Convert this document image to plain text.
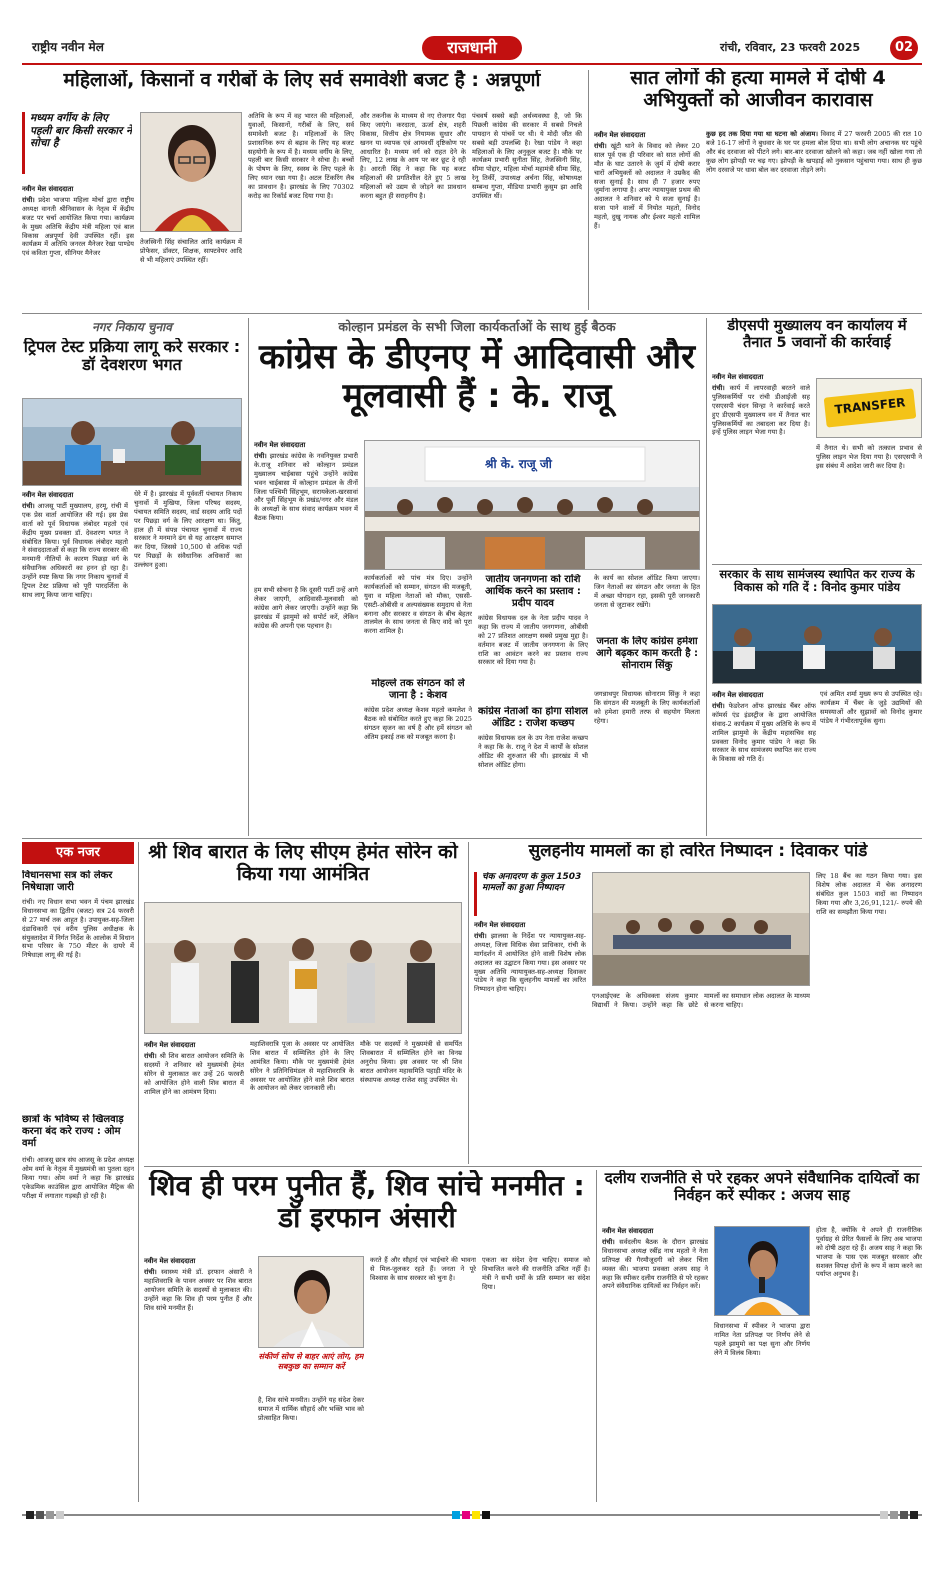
राष्ट्रीय नवीन मेल	राजधानी	रांची, रविवार, 23 फरवरी 2025	02
महिलाओं, किसानों व गरीबों के लिए सर्व समावेशी बजट है : अन्नपूर्णा
मध्यम वर्गीय के लिए पहली बार किसी सरकार ने सोचा है
नवीन मेल संवाददाता
रांची। प्रदेश भाजपा महिला मोर्चा द्वारा राष्ट्रीय अध्यक्ष वानती श्रीनिवासन के नेतृत्व में केंद्रीय बजट पर चर्चा आयोजित किया गया। कार्यक्रम के मुख्य अतिथि केंद्रीय मंत्री महिला एवं बाल विकास अन्नपूर्णा देवी उपस्थित रहीं। इस कार्यक्रम में अतिथि जनरल मैनेजर रेखा पाण्डेय एवं कविता गुप्ता, सीनियर मैनेजर
तेजस्विनी सिंह संचालित आदि कार्यक्रम में प्रोफेसर, डॉक्टर, शिक्षक, साफ्टवेयर आदि से भी महिलाएं उपस्थित रहीं।
अतिथि के रूप में वह भारत की महिलाओं, युवाओं, किसानों, गरीबों के लिए, सर्व समावेशी बजट है। महिलाओं के लिए प्रशासनिक रूप से बढ़ाव के लिए यह बजट सहयोगी के रूप में है। मध्यम वर्गीय के लिए, पहली बार किसी सरकार ने सोचा है। बच्चों के पोषण के लिए, स्वस्थ के लिए पहले के लिए ध्यान रखा गया है। अटल टिंकरिंग लैब का प्रावधान है। झारखंड के लिए 70302 करोड़ का रिकॉर्ड बजट दिया गया है।
और तकनीक के माध्यम से नए रोजगार पैदा किए जाएंगे। करदाता, ऊर्जा क्षेत्र, शहरी विकास, वित्तीय क्षेत्र नियामक सुधार और खनन या व्यापक एवं आयवर्धी दृष्टिकोण पर आधारित है। मध्यम वर्ग को राहत देने के लिए, 12 लाख के आय पर कर छूट दे रही है। आरती सिंह ने कहा कि यह बजट महिलाओं की प्रगतिशील देते हुए 5 लाख महिलाओं को उद्यम से जोड़ने का प्रावधान करना बहुत ही सराहनीय है।
पंचवर्ष सबसे बड़ी अर्थव्यवस्था है, जो कि पिछली कांग्रेस की सरकार में सबसे निचले पायदान से पांचवें पर थी। ये मोदी जीत की सबसे बड़ी उपलब्धि है। रेखा पांडेय ने कहा महिलाओं के लिए अनुकूल बजट है। मौके पर कार्यक्रम प्रभारी सुनीता सिंह, तेजस्विनी सिंह, सीमा पोद्दार, महिला मोर्चा महामंत्री सीमा सिंह, रेनू तिर्की, उपाध्यक्ष अर्चना सिंह, कोषाध्यक्ष सम्बन्ध गुप्ता, मीडिया प्रभारी कुसुम झा आदि उपस्थित थीं।
सात लोगों की हत्या मामले में दोषी 4 अभियुक्तों को आजीवन कारावास
नवीन मेल संवाददाता
रांची। खूंटी थाने के विवाद को लेकर 20 साल पूर्व एक ही परिवार को सात लोगों की मौत के घाट उतारने के जुर्म में दोषी करार चारों अभियुक्तों को अदालत ने उम्रकैद की सजा सुनाई है। साथ ही 7 हजार रुपए जुर्माना लगाया है। अपर न्यायायुक्त प्रथम की अदालत ने शनिवार को ये सजा सुनाई है। सजा पाने वालों में नियोत महतो, विनोद महतो, दुखु नायक और ईश्वर महतो शामिल हैं।
कुछ हद तक दिया गया था घटना को अंजाम। विवाद में 27 फरवरी 2005 की रात 10 बजे 16-17 लोगों ने बुधवार के घर पर हमला बोल दिया था। सभी लोग अचानक घर पहुंचे और बंद दरवाजा को पीटने लगे। बार-बार दरवाजा खोलने को कहा। जब नहीं खोला गया तो कुछ लोग झोपड़ी पर चढ़ गए। झोपड़ी के खपड़ाई को नुकसान पहुंचाया गया। साथ ही कुछ लोग दरवाजे पर धावा बोल कर दरवाजा तोड़ने लगे।
नगर निकाय चुनाव
ट्रिपल टेस्ट प्रक्रिया लागू करे सरकार : डॉ देवशरण भगत
नवीन मेल संवाददाता
रांची। आजसू पार्टी मुख्यालय, हरमू, रांची में एक प्रेस वार्ता आयोजित की गई। इस प्रेस वार्ता को पूर्व विधायक लंबोदर महतो एवं केंद्रीय मुख्य प्रवक्ता डॉ. देवशरण भगत ने संबोधित किया। पूर्व विधायक लंबोदर महतो ने संवाददाताओं से कहा कि राज्य सरकार की मनमानी नीतियों के कारण पिछड़ा वर्ग के संवैधानिक अधिकारों का हनन हो रहा है। उन्होंने स्पष्ट किया कि नगर निकाय चुनावों में ट्रिपल टेस्ट प्रक्रिया को पूरी पारदर्शिता के साथ लागू किया जाना चाहिए।
धेरे में है। झारखंड में पूर्ववर्ती पंचायत निकाय चुनावों में मुखिया, जिला परिषद सदस्य, पंचायत समिति सदस्य, वार्ड सदस्य आदि पदों पर पिछड़ा वर्ग के लिए आरक्षण था। किंतु, हाल ही में संपन्न पंचायत चुनावों में राज्य सरकार ने मनमाने ढंग से यह आरक्षण समाप्त कर दिया, जिससे 10,500 से अधिक पदों पर पिछड़ों के संवैधानिक अधिकारों का उल्लंघन हुआ।
कोल्हान प्रमंडल के सभी जिला कार्यकर्ताओं के साथ हुई बैठक
कांग्रेस के डीएनए में आदिवासी और मूलवासी हैं : के. राजू
नवीन मेल संवाददाता
रांची। झारखंड कांग्रेस के नवनियुक्त प्रभारी के.राजू शनिवार को कोल्हान प्रमंडल मुख्यालय चाईबासा पहुंचे उन्होंने कांग्रेस भवन चाईबासा में कोल्हान प्रमंडल के तीनों जिला पश्चिमी सिंहभूम, सरायकेला-खरसावां और पूर्वी सिंहभूम के प्रखंड/नगर और मंडल के अध्यक्षों के साथ संवाद कार्यक्रम भवन में बैठक किया।
श्री के. राजू जी
हम सभी सोचना है कि दूसरी पार्टी उन्हें आगे लेकर जाएगी, आदिवासी-मूलवासी को कांग्रेस आगे लेकर जाएगी। उन्होंने कहा कि झारखंड में झामुमो को सपोर्ट करें, लेकिन कांग्रेस की अपनी एक पहचान है।
कार्यकर्ताओं को पांच मंत्र दिए। उन्होंने कार्यकर्ताओं को सम्मान, संगठन की मजबूती, युवा व महिला नेताओं को मौका, एससी-एसटी-ओबीसी व अल्पसंख्यक समुदाय से नेता बनाना और सरकार व संगठन के बीच बेहतर तालमेल के साथ जनता से किए वादे को पूरा करना शामिल है।
मोहल्ले तक संगठन को ले जाना है : केशव
कांग्रेस प्रदेश अध्यक्ष केशव महतो कमलेश ने बैठक को संबोधित करते हुए कहा कि 2025 संगठन सृजन का वर्ष है और हमें संगठन को अंतिम इकाई तक को मजबूत करना है।
जातीय जनगणना को राशि आर्थिक करने का प्रस्ताव : प्रदीप यादव
कांग्रेस विधायक दल के नेता प्रदीप यादव ने कहा कि राज्य में जातीय जनगणना, ओबीसी को 27 प्रतिशत आरक्षण सबसे प्रमुख मुद्दा है। वर्तमान बजट में जातीय जनगणना के लिए राशि का आवंटन करने का प्रस्ताव राज्य सरकार को दिया गया है।
कांग्रेस नेताओं का होगा सोशल ऑडिट : राजेश कच्छप
कांग्रेस विधायक दल के उप नेता राजेश कच्छप ने कहा कि के. राजू ने देश में कार्यों के सोशल ऑडिट की शुरुआत की थी। झारखंड में भी सोशल ऑडिट होगा।
के कार्य का सोशल ऑडिट किया जाएगा। जिन नेताओं का संगठन और जनता के हित में अच्छा योगदान रहा, इसकी पूरी जानकारी जनता से जुटाकर रखेंगे।
जनता के लिए कांग्रेस हमेशा आगे बढ़कर काम करती है : सोनाराम सिंकु
जगन्नाथपुर विधायक सोनाराम सिंकु ने कहा कि संगठन की मजबूती के लिए कार्यकर्ताओं को हमेशा हमारी तरफ से सहयोग मिलता रहेगा।
डीएसपी मुख्यालय वन कार्यालय में तैनात 5 जवानों की कार्रवाई
नवीन मेल संवाददाता
रांची। कार्य में लापरवाही बरतने वाले पुलिसकर्मियों पर रांची डीआईजी सह एसएसपी चंदन सिन्हा ने कार्रवाई करते हुए डीएसपी मुख्यालय वन में तैनात चार पुलिसकर्मियों का तबादला कर दिया है। इन्हें पुलिस लाइन भेजा गया है।
TRANSFER
में तैनात थे। सभी को तत्काल प्रभाव से पुलिस लाइन भेज दिया गया है। एसएसपी ने इस संबंध में आदेश जारी कर दिया है।
सरकार के साथ सामंजस्य स्थापित कर राज्य के विकास को गति दें : विनोद कुमार पांडेय
नवीन मेल संवाददाता
रांची। फेडरेशन ऑफ झारखंड चैंबर ऑफ कॉमर्स एंड इंडस्ट्रीज के द्वारा आयोजित संवाद-2 कार्यक्रम में मुख्य अतिथि के रूप में शामिल झामुमो के केंद्रीय महासचिव सह प्रवक्ता विनोद कुमार पांडेय ने कहा कि सरकार के साथ सामंजस्य स्थापित कर राज्य के विकास को गति दें।
एवं अमित शर्मा मुख्य रूप से उपस्थित रहे। कार्यक्रम में चैंबर के जुड़े उद्यमियों की समस्याओं और सुझावों को विनोद कुमार पांडेय ने गंभीरतापूर्वक सुना।
एक नजर
विधानसभा सत्र को लेकर निषेधाज्ञा जारी
रांची। नए विधान सभा भवन में पंचम झारखंड विधानसभा का द्वितीय (बजट) सत्र 24 फरवरी से 27 मार्च तक आहूत है। उपायुक्त-सह-जिला दंडाधिकारी एवं वरीय पुलिस अधीक्षक के संयुक्तादेश में निर्गत निर्देश के आलोक में विधान सभा परिसर के 750 मीटर के दायरे में निषेधाज्ञा लागू की गई है।
छात्रों के भविष्य से खिलवाड़ करना बंद करे राज्य : ओम वर्मा
रांची। आजसू छात्र संघ आजसू के प्रदेश अध्यक्ष ओम वर्मा के नेतृत्व में मुख्यमंत्री का पुतला दहन किया गया। ओम वर्मा ने कहा कि झारखंड एकेडमिक काउंसिल द्वारा आयोजित मैट्रिक की परीक्षा में लगातार गड़बड़ी हो रही है।
श्री शिव बारात के लिए सीएम हेमंत सोरेन को किया गया आमंत्रित
नवीन मेल संवाददाता
रांची। श्री शिव बारात आयोजन समिति के सदस्यों ने शनिवार को मुख्यमंत्री हेमंत सोरेन से मुलाकात कर उन्हें 26 फरवरी को आयोजित होने वाली शिव बारात में शामिल होने का आमंत्रण दिया।
महाशिवरात्रि पूजा के अवसर पर आयोजित शिव बारात में सम्मिलित होने के लिए आमंत्रित किया। मौके पर मुख्यमंत्री हेमंत सोरेन ने प्रतिनिधिमंडल से महाशिवरात्रि के अवसर पर आयोजित होने वाले शिव बारात के आयोजन को लेकर जानकारी ली।
मौके पर सदस्यों ने मुख्यमंत्री से समर्पित शिवबारात में सम्मिलित होने का विनम्र अनुरोध किया। इस अवसर पर श्री शिव बारात आयोजन महासमिति पहाड़ी मंदिर के संस्थापक अध्यक्ष राजेश साहू उपस्थित थे।
सुलहनीय मामलों का हो त्वरित निष्पादन : दिवाकर पांडे
चेक अनादरण के कुल 1503 मामलों का हुआ निष्पादन
नवीन मेल संवाददाता
रांची। झालसा के निर्देश पर न्यायायुक्त-सह-अध्यक्ष, जिला विधिक सेवा प्राधिकार, रांची के मार्गदर्शन में आयोजित होने वाली विशेष लोक अदालत का उद्घाटन किया गया। इस अवसर पर मुख्य अतिथि न्यायायुक्त-सह-अध्यक्ष दिवाकर पांडेय ने कहा कि सुलहनीय मामलों का त्वरित निष्पादन होना चाहिए।
एनआईएक्ट के अधिवक्ता संजय कुमार विद्यार्थी ने किया। उन्होंने कहा कि छोटे मामलों का समाधान लोक अदालत के माध्यम से करना चाहिए।
लिए 18 बैंच का गठन किया गया। इस विशेष लोक अदालत में चेक अनादरण संबंधित कुल 1503 वादों का निष्पादन किया गया और 3,26,91,121/- रुपये की राशि का समझौता किया गया।
शिव ही परम पुनीत हैं, शिव सांचे मनमीत : डॉ इरफान अंसारी
नवीन मेल संवाददाता
रांची। स्वास्थ्य मंत्री डॉ. इरफान अंसारी ने महाशिवरात्रि के पावन अवसर पर शिव बारात आयोजन समिति के सदस्यों से मुलाकात की। उन्होंने कहा कि शिव ही परम पुनीत हैं और शिव सांचे मनमीत हैं।
संकीर्ण सोच से बाहर आएं लोग, हम सबकुछ का सम्मान करें
है, शिव सांचे मनमीत। उन्होंने यह संदेश देकर समाज में धार्मिक सौहार्द और भक्ति भाव को प्रोत्साहित किया।
करते हैं और सौहार्द एवं भाईचारे की भावना से मिल-जुलकर रहते हैं। जनता ने पूरे विश्वास के साथ सरकार को चुना है।
एकता का संदेश देना चाहिए। समाज को विभाजित करने की राजनीति उचित नहीं है। मंत्री ने सभी धर्मों के प्रति सम्मान का संदेश दिया।
दलीय राजनीति से परे रहकर अपने संवैधानिक दायित्वों का निर्वहन करें स्पीकर : अजय साह
नवीन मेल संवाददाता
रांची। सर्वदलीय बैठक के दौरान झारखंड विधानसभा अध्यक्ष रबींद्र नाथ महतो ने नेता प्रतिपक्ष की गैरमौजूदगी को लेकर चिंता व्यक्त की। भाजपा प्रवक्ता अजय साह ने कहा कि स्पीकर दलीय राजनीति से परे रहकर अपने संवैधानिक दायित्वों का निर्वहन करें।
विधानसभा में स्पीकर ने भाजपा द्वारा नामित नेता प्रतिपक्ष पर निर्णय लेने से पहले झामुमो का पक्ष सुना और निर्णय लेने में विलंब किया।
होता है, क्योंकि ये अपने ही राजनीतिक पूर्वाग्रह से प्रेरित फैसलों के लिए अब भाजपा को दोषी ठहरा रहे हैं। अजय साह ने कहा कि भाजपा के पास एक मजबूत सरकार और सशक्त विपक्ष दोनों के रूप में काम करने का पर्याप्त अनुभव है।
